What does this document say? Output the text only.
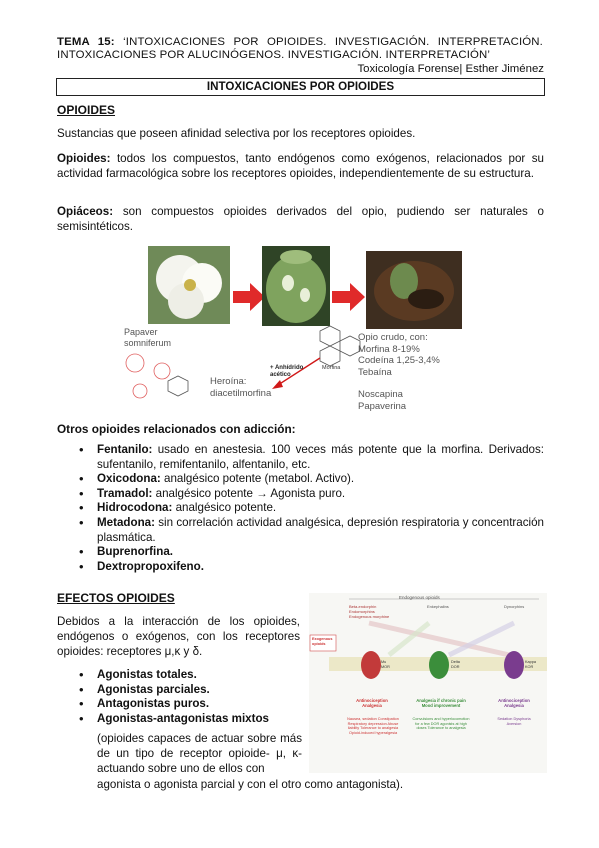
TEMA 15: ‘INTOXICACIONES POR OPIOIDES. INVESTIGACIÓN. INTERPRETACIÓN. INTOXICACIONES POR ALUCINÓGENOS. INVESTIGACIÓN. INTERPRETACIÓN’
Toxicología Forense| Esther Jiménez
INTOXICACIONES POR OPIOIDES
OPIOIDES
Sustancias que poseen afinidad selectiva por los receptores opioides.
Opioides: todos los compuestos, tanto endógenos como exógenos, relacionados por su actividad farmacológica sobre los receptores opioides, independientemente de su estructura.
Opiáceos: son compuestos opioides derivados del opio, pudiendo ser naturales o semisintéticos.
Papaver somniferum	Opio crudo, con:
Morfina 8-19%
Codeína 1,25-3,4%
Tebaína
Noscapina
Papaverina
Heroína:
diacetilmorfina
+ Anhídrido acético
Morfina
Otros opioides relacionados con adicción:
• Fentanilo: usado en anestesia. 100 veces más potente que la morfina. Derivados: sufentanilo, remifentanilo, alfentanilo, etc.
• Oxicodona: analgésico potente (metabol. Activo).
• Tramadol: analgésico potente → Agonista puro.
• Hidrocodona: analgésico potente.
• Metadona: sin correlación actividad analgésica, depresión respiratoria y concentración plasmática.
• Buprenorfina.
• Dextropropoxifeno.
EFECTOS OPIOIDES
Debidos a la interacción de los opioides, endógenos o exógenos, con los receptores opioides: receptores μ,κ y δ.
• Agonistas totales.
• Agonistas parciales.
• Antagonistas puros.
• Agonistas-antagonistas mixtos
(opioides capaces de actuar sobre más de un tipo de receptor opioide- μ, κ- actuando sobre uno de ellos con
agonista o agonista parcial y con el otro como antagonista).
Endogenous opioids
Beta-endorphin Endomorphins Endogenous morphine
Enkephalins	Dynorphins
Exogenous opioids
Mu
MOR
Delta
DOR
Kappa
KOR
Antinociception Analgesia
Analgesia if chronic pain Mood improvement
Antinociception Analgesia
Nausea, sedation Constipation Respiratory depression Abuse liability Tolerance to analgesia Opioid-induced hyperalgesia
Convulsions and hyperlocomotion for a few DOR agonists at high doses Tolerance to analgesia
Sedation Dysphoria Aversion
